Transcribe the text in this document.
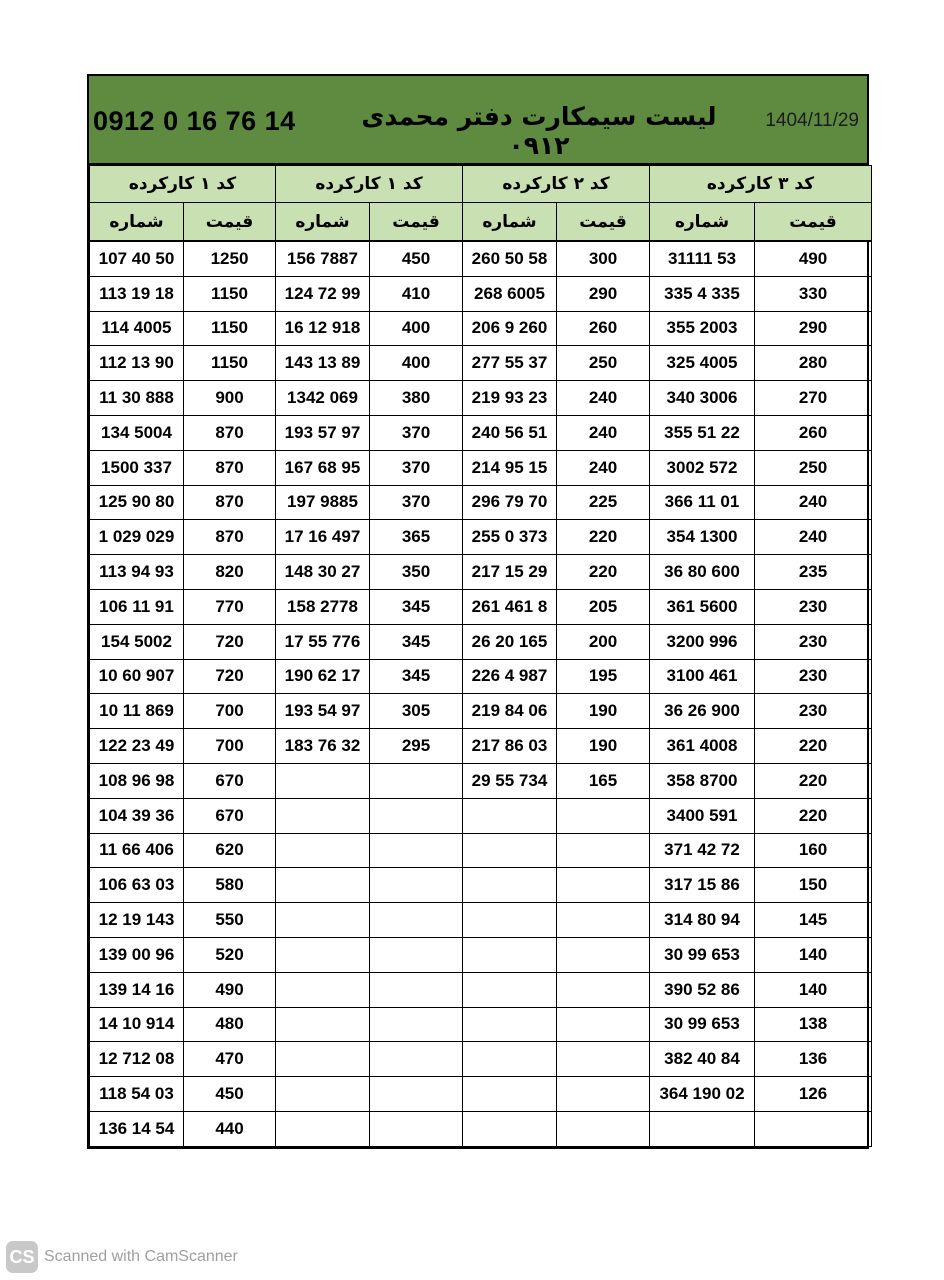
1404/11/29
لیست سیمکارت دفتر محمدی ۰۹۱۲
0912 0 16 76 14
کد ۱ کارکرده		کد ۱ کارکرده		کد ۲ کارکرده		کد ۳ کارکرده	
شماره	قیمت	شماره	قیمت	شماره	قیمت	شماره	قیمت
107 40 50	1250	156 7887	450	260 50 58	300	31111 53	490
113 19 18	1150	124 72 99	410	268 6005	290	335 4 335	330
114 4005	1150	16 12 918	400	206 9 260	260	355 2003	290
112 13 90	1150	143 13 89	400	277 55 37	250	325 4005	280
11 30 888	900	1342 069	380	219 93 23	240	340 3006	270
134 5004	870	193 57 97	370	240 56 51	240	355 51 22	260
1500 337	870	167 68 95	370	214 95 15	240	3002 572	250
125 90 80	870	197 9885	370	296 79 70	225	366 11 01	240
1 029 029	870	17 16 497	365	255 0 373	220	354 1300	240
113 94 93	820	148 30 27	350	217 15 29	220	36 80 600	235
106 11 91	770	158 2778	345	261 461 8	205	361 5600	230
154 5002	720	17 55 776	345	26 20 165	200	3200 996	230
10 60 907	720	190 62 17	345	226 4 987	195	3100 461	230
10 11 869	700	193 54 97	305	219 84 06	190	36 26 900	230
122 23 49	700	183 76 32	295	217 86 03	190	361 4008	220
108 96 98	670			29 55 734	165	358 8700	220
104 39 36	670					3400 591	220
11 66 406	620					371 42 72	160
106 63 03	580					317 15 86	150
12 19 143	550					314 80 94	145
139 00 96	520					30 99 653	140
139 14 16	490					390 52 86	140
14 10 914	480					30 99 653	138
12 712 08	470					382 40 84	136
118 54 03	450					364 190 02	126
136 14 54	440						
CS Scanned with CamScanner
